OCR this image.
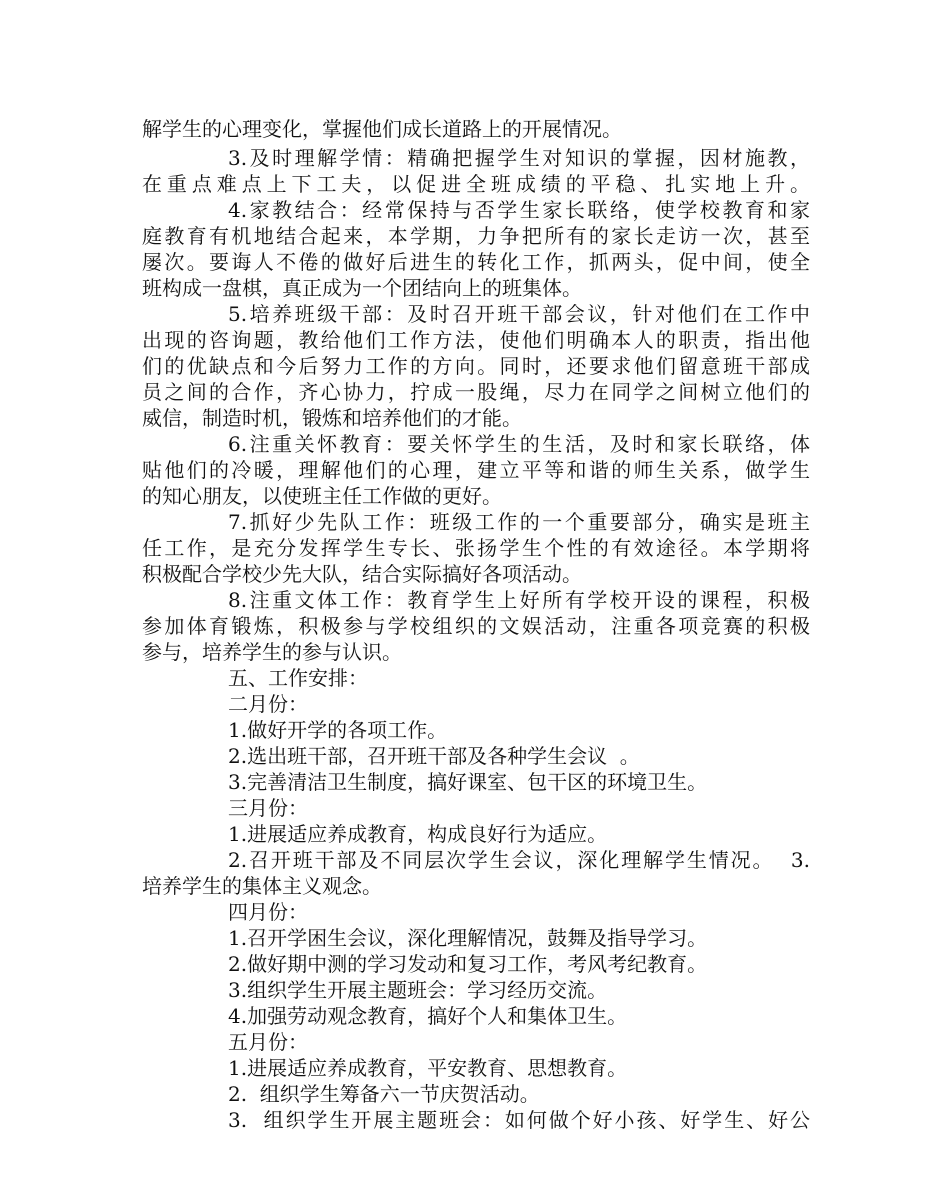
解学生的心理变化，掌握他们成长道路上的开展情况。
3.及时理解学情：精确把握学生对知识的掌握，因材施教，
在重点难点上下工夫，以促进全班成绩的平稳、扎实地上升。
4.家教结合：经常保持与否学生家长联络，使学校教育和家
庭教育有机地结合起来，本学期，力争把所有的家长走访一次，甚至
屡次。要诲人不倦的做好后进生的转化工作，抓两头，促中间，使全
班构成一盘棋，真正成为一个团结向上的班集体。
5.培养班级干部：及时召开班干部会议，针对他们在工作中
出现的咨询题，教给他们工作方法，使他们明确本人的职责，指出他
们的优缺点和今后努力工作的方向。同时，还要求他们留意班干部成
员之间的合作，齐心协力，拧成一股绳，尽力在同学之间树立他们的
威信，制造时机，锻炼和培养他们的才能。
6.注重关怀教育：要关怀学生的生活，及时和家长联络，体
贴他们的冷暖，理解他们的心理，建立平等和谐的师生关系，做学生
的知心朋友，以使班主任工作做的更好。
7.抓好少先队工作：班级工作的一个重要部分，确实是班主
任工作，是充分发挥学生专长、张扬学生个性的有效途径。本学期将
积极配合学校少先大队，结合实际搞好各项活动。
8.注重文体工作：教育学生上好所有学校开设的课程，积极
参加体育锻炼，积极参与学校组织的文娱活动，注重各项竞赛的积极
参与，培养学生的参与认识。
五、工作安排：
二月份：
1.做好开学的各项工作。
2.选出班干部，召开班干部及各种学生会议  。
3.完善清洁卫生制度，搞好课室、包干区的环境卫生。
三月份：
1.进展适应养成教育，构成良好行为适应。
2.召开班干部及不同层次学生会议，深化理解学生情况。  3.
培养学生的集体主义观念。
四月份：
1.召开学困生会议，深化理解情况，鼓舞及指导学习。
2.做好期中测的学习发动和复习工作，考风考纪教育。
3.组织学生开展主题班会：学习经历交流。
4.加强劳动观念教育，搞好个人和集体卫生。
五月份：
1.进展适应养成教育，平安教育、思想教育。
2.  组织学生筹备六一节庆贺活动。
3.  组织学生开展主题班会：如何做个好小孩、好学生、好公
